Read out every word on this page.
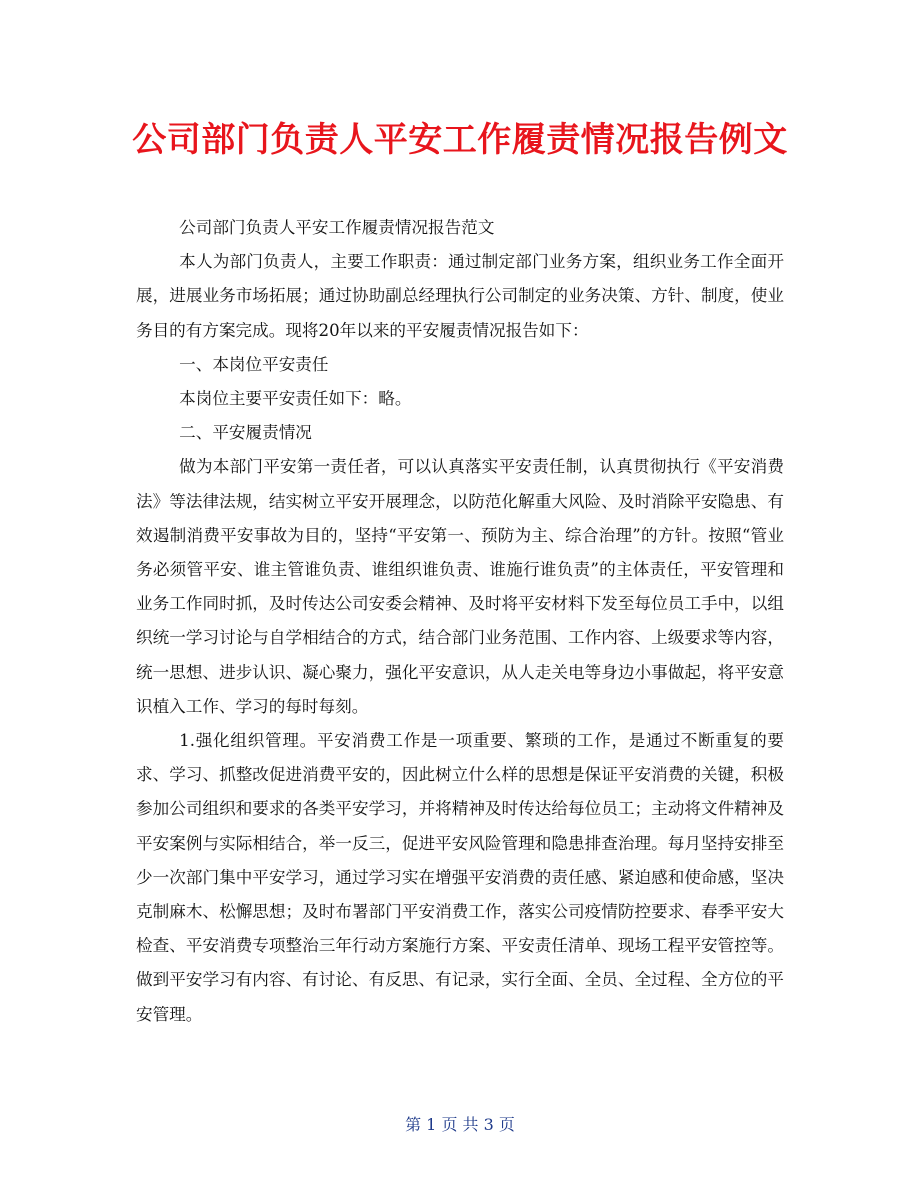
公司部门负责人平安工作履责情况报告例文

公司部门负责人平安工作履责情况报告范文

本人为部门负责人，主要工作职责：通过制定部门业务方案，组织业务工作全面开展，进展业务市场拓展；通过协助副总经理执行公司制定的业务决策、方针、制度，使业务目的有方案完成。现将20年以来的平安履责情况报告如下：

一、本岗位平安责任

本岗位主要平安责任如下：略。

二、平安履责情况

做为本部门平安第一责任者，可以认真落实平安责任制，认真贯彻执行《平安消费法》等法律法规，结实树立平安开展理念，以防范化解重大风险、及时消除平安隐患、有效遏制消费平安事故为目的，坚持“平安第一、预防为主、综合治理”的方针。按照“管业务必须管平安、谁主管谁负责、谁组织谁负责、谁施行谁负责”的主体责任，平安管理和业务工作同时抓，及时传达公司安委会精神、及时将平安材料下发至每位员工手中，以组织统一学习讨论与自学相结合的方式，结合部门业务范围、工作内容、上级要求等内容，统一思想、进步认识、凝心聚力，强化平安意识，从人走关电等身边小事做起，将平安意识植入工作、学习的每时每刻。

1.强化组织管理。平安消费工作是一项重要、繁琐的工作，是通过不断重复的要求、学习、抓整改促进消费平安的，因此树立什么样的思想是保证平安消费的关键，积极参加公司组织和要求的各类平安学习，并将精神及时传达给每位员工；主动将文件精神及平安案例与实际相结合，举一反三，促进平安风险管理和隐患排查治理。每月坚持安排至少一次部门集中平安学习，通过学习实在增强平安消费的责任感、紧迫感和使命感，坚决克制麻木、松懈思想；及时布署部门平安消费工作，落实公司疫情防控要求、春季平安大检查、平安消费专项整治三年行动方案施行方案、平安责任清单、现场工程平安管控等。做到平安学习有内容、有讨论、有反思、有记录，实行全面、全员、全过程、全方位的平安管理。

第 1 页 共 3 页
